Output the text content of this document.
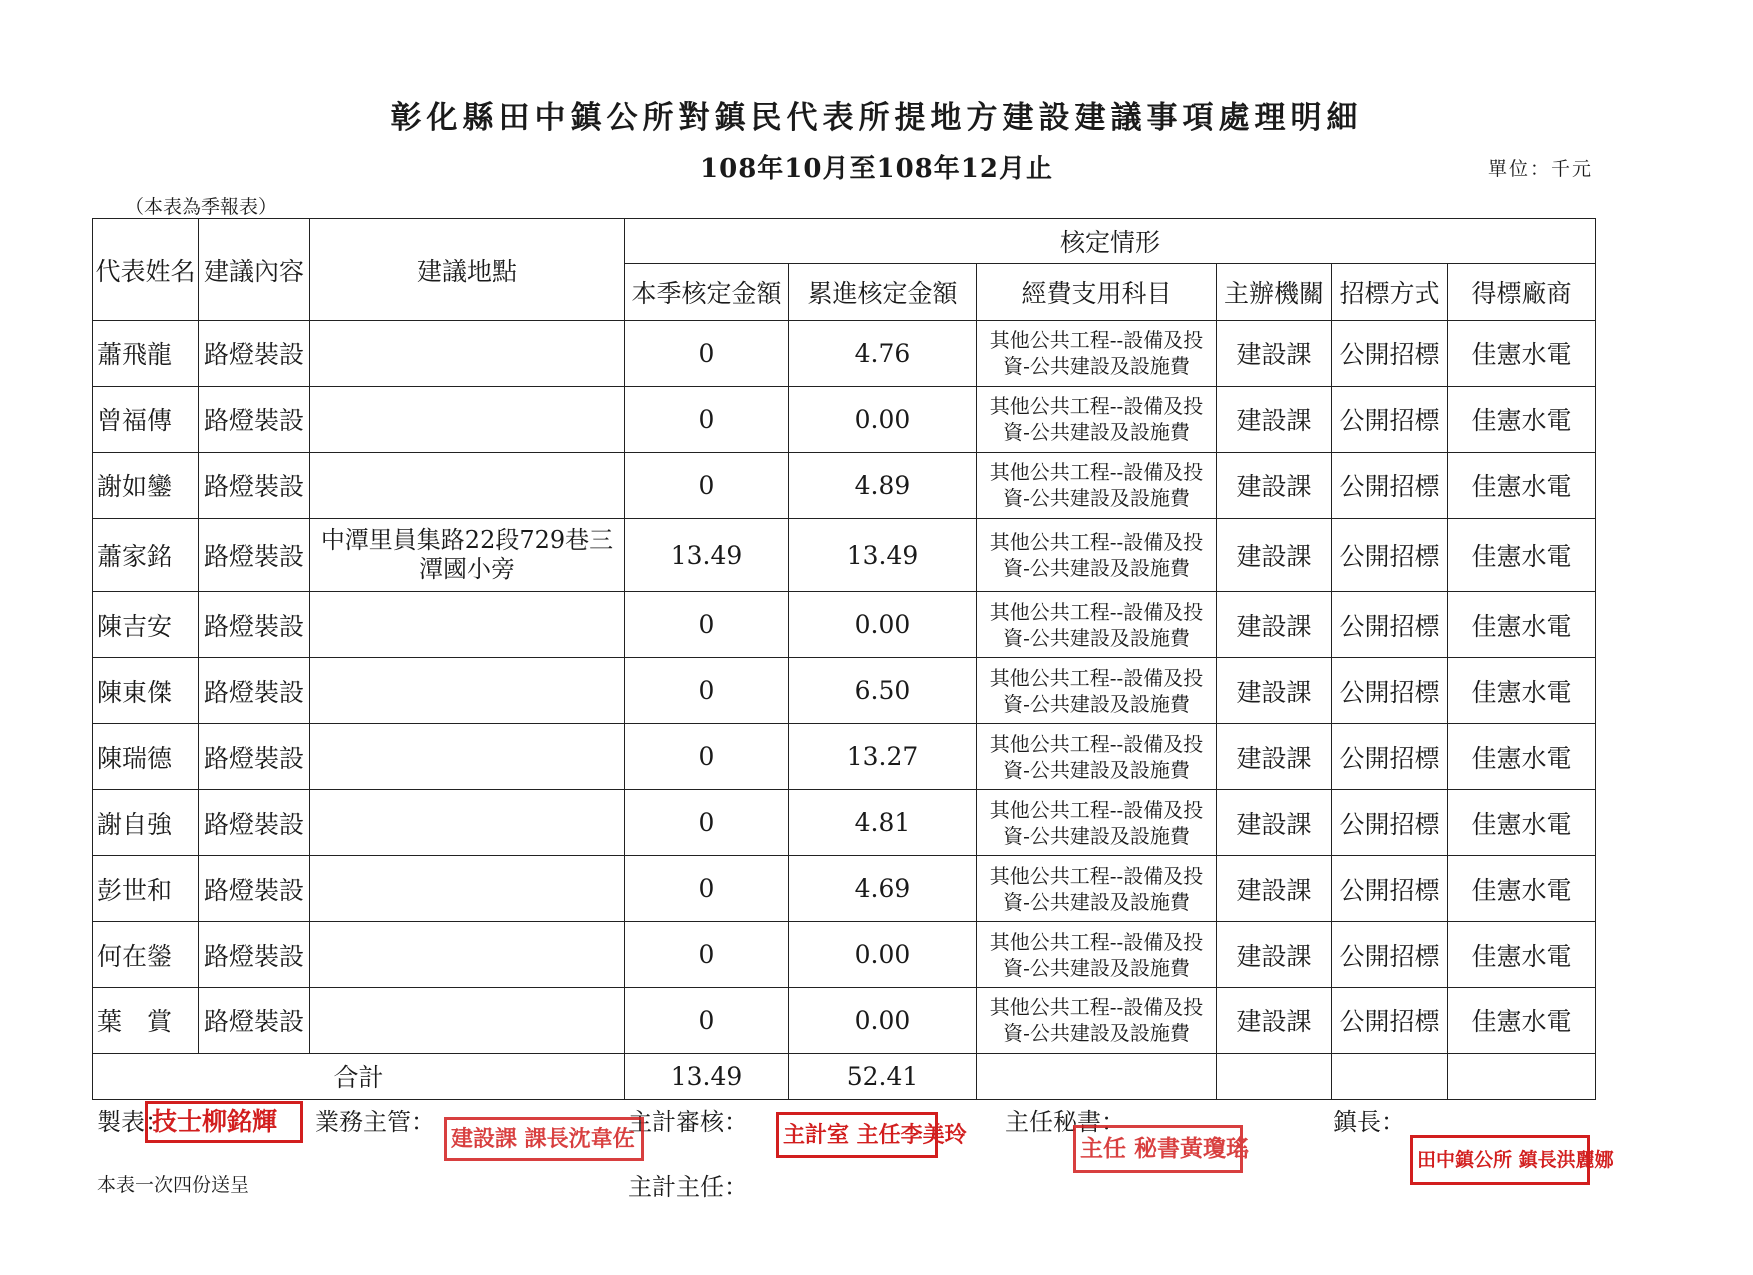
彰化縣田中鎮公所對鎮民代表所提地方建設建議事項處理明細
108年10月至108年12月止	單位：千元
（本表為季報表）
代表姓名	建議內容	建議地點	核定情形					
			本季核定金額	累進核定金額	經費支用科目	主辦機關	招標方式	得標廠商
蕭飛龍	路燈裝設		0	4.76	其他公共工程--設備及投資-公共建設及設施費	建設課	公開招標	佳憲水電
曾福傳	路燈裝設		0	0.00	其他公共工程--設備及投資-公共建設及設施費	建設課	公開招標	佳憲水電
謝如鑾	路燈裝設		0	4.89	其他公共工程--設備及投資-公共建設及設施費	建設課	公開招標	佳憲水電
蕭家銘	路燈裝設	中潭里員集路22段729巷三潭國小旁	13.49	13.49	其他公共工程--設備及投資-公共建設及設施費	建設課	公開招標	佳憲水電
陳吉安	路燈裝設		0	0.00	其他公共工程--設備及投資-公共建設及設施費	建設課	公開招標	佳憲水電
陳東傑	路燈裝設		0	6.50	其他公共工程--設備及投資-公共建設及設施費	建設課	公開招標	佳憲水電
陳瑞德	路燈裝設		0	13.27	其他公共工程--設備及投資-公共建設及設施費	建設課	公開招標	佳憲水電
謝自強	路燈裝設		0	4.81	其他公共工程--設備及投資-公共建設及設施費	建設課	公開招標	佳憲水電
彭世和	路燈裝設		0	4.69	其他公共工程--設備及投資-公共建設及設施費	建設課	公開招標	佳憲水電
何在鎣	路燈裝設		0	0.00	其他公共工程--設備及投資-公共建設及設施費	建設課	公開招標	佳憲水電
葉　賞	路燈裝設		0	0.00	其他公共工程--設備及投資-公共建設及設施費	建設課	公開招標	佳憲水電
合計			13.49	52.41				
製表：	業務主管：	主計審核：	主任秘書：	鎮長：
主計主任：
本表一次四份送呈
技士柳銘輝
建設課 課長沈韋佐	主計室 主任李美玲	主任 秘書黃瓊瑤	田中鎮公所 鎮長洪麗娜
